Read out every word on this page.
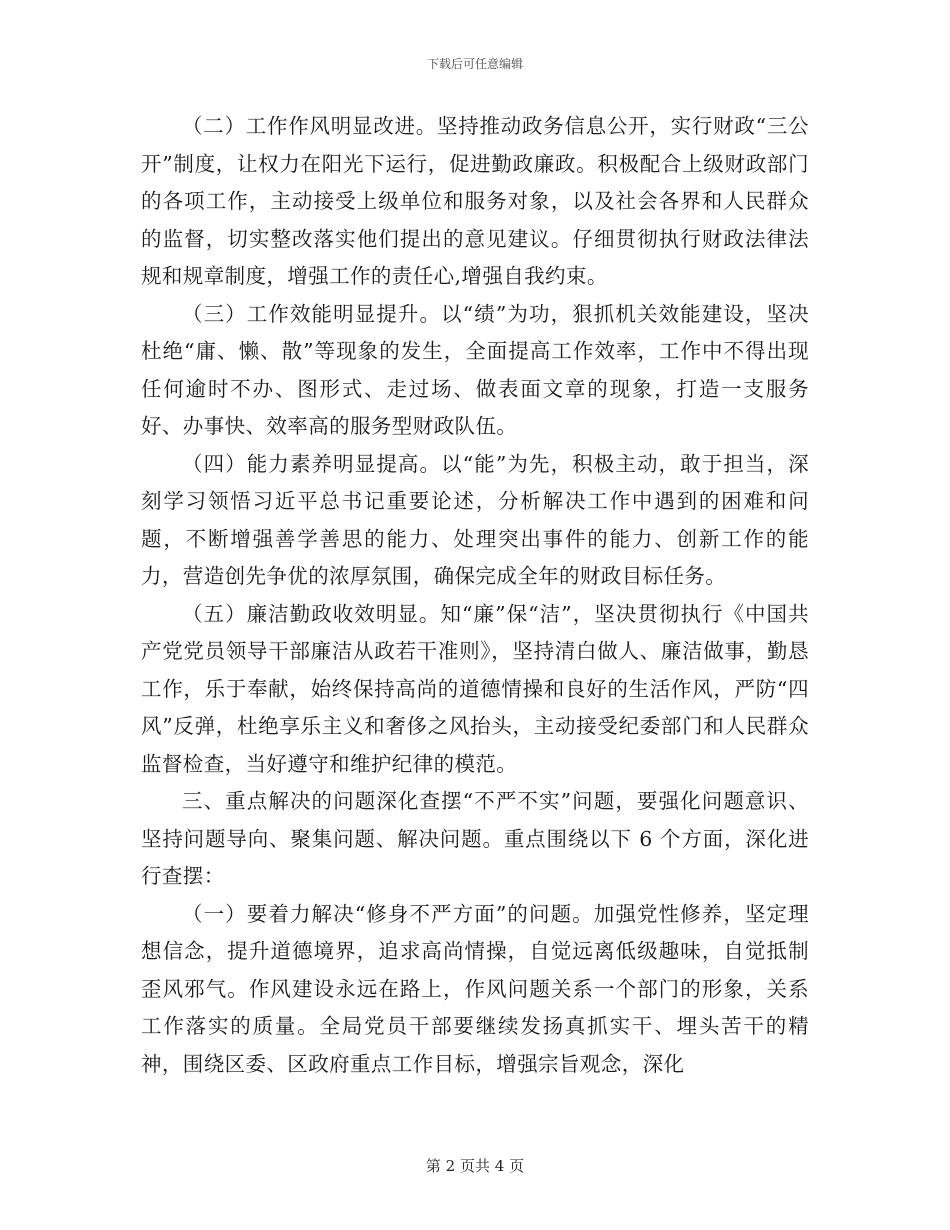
下载后可任意编辑

（二）工作作风明显改进。坚持推动政务信息公开，实行财政“三公开”制度，让权力在阳光下运行，促进勤政廉政。积极配合上级财政部门的各项工作，主动接受上级单位和服务对象，以及社会各界和人民群众的监督，切实整改落实他们提出的意见建议。仔细贯彻执行财政法律法规和规章制度，增强工作的责任心,增强自我约束。

（三）工作效能明显提升。以“绩”为功，狠抓机关效能建设，坚决杜绝“庸、懒、散”等现象的发生，全面提高工作效率，工作中不得出现任何逾时不办、图形式、走过场、做表面文章的现象，打造一支服务好、办事快、效率高的服务型财政队伍。

（四）能力素养明显提高。以“能”为先，积极主动，敢于担当，深刻学习领悟习近平总书记重要论述，分析解决工作中遇到的困难和问题，不断增强善学善思的能力、处理突出事件的能力、创新工作的能力，营造创先争优的浓厚氛围，确保完成全年的财政目标任务。

（五）廉洁勤政收效明显。知“廉”保“洁”，坚决贯彻执行《中国共产党党员领导干部廉洁从政若干准则》，坚持清白做人、廉洁做事，勤恳工作，乐于奉献，始终保持高尚的道德情操和良好的生活作风，严防“四风”反弹，杜绝享乐主义和奢侈之风抬头，主动接受纪委部门和人民群众监督检查，当好遵守和维护纪律的模范。

三、重点解决的问题深化查摆“不严不实”问题，要强化问题意识、坚持问题导向、聚集问题、解决问题。重点围绕以下 6 个方面，深化进行查摆：

（一）要着力解决“修身不严方面”的问题。加强党性修养，坚定理想信念，提升道德境界，追求高尚情操，自觉远离低级趣味，自觉抵制歪风邪气。作风建设永远在路上，作风问题关系一个部门的形象，关系工作落实的质量。全局党员干部要继续发扬真抓实干、埋头苦干的精神，围绕区委、区政府重点工作目标，增强宗旨观念，深化

第 2 页共 4 页
